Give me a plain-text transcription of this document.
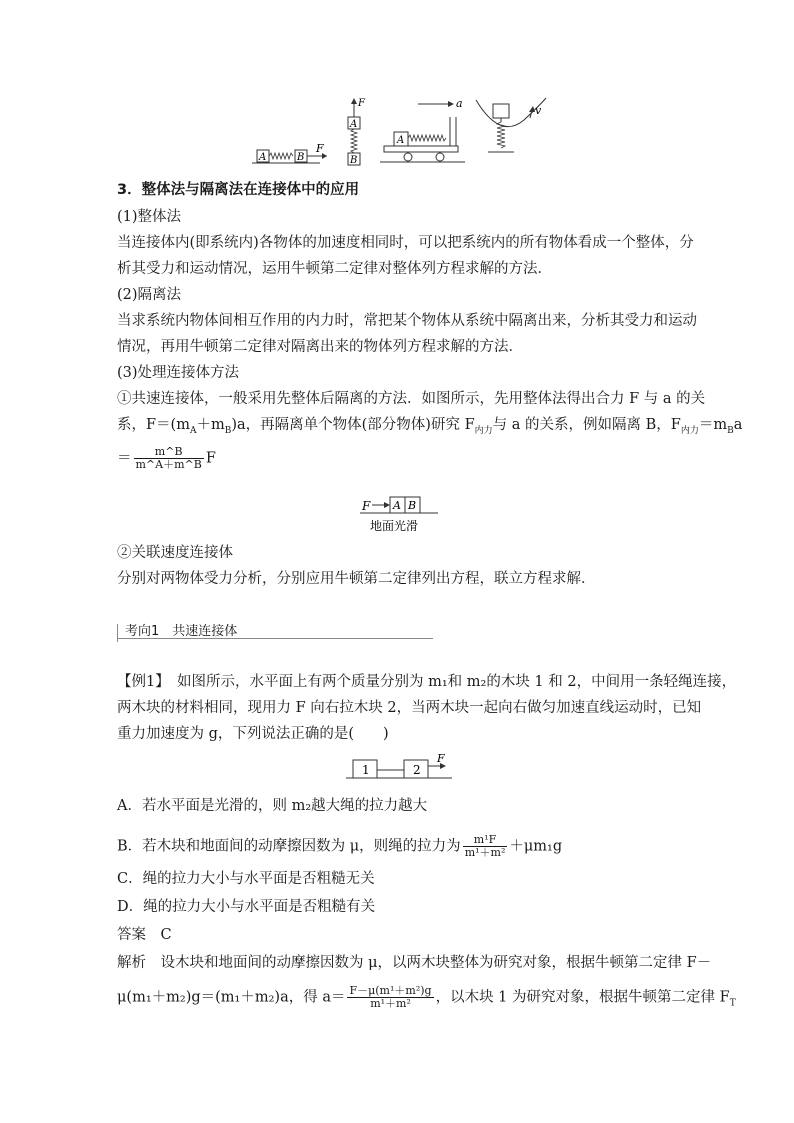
A	B
F
F
A
B
a
A
v
3．整体法与隔离法在连接体中的应用
(1)整体法
当连接体内(即系统内)各物体的加速度相同时，可以把系统内的所有物体看成一个整体，分
析其受力和运动情况，运用牛顿第二定律对整体列方程求解的方法．
(2)隔离法
当求系统内物体间相互作用的内力时，常把某个物体从系统中隔离出来，分析其受力和运动
情况，再用牛顿第二定律对隔离出来的物体列方程求解的方法．
(3)处理连接体方法
①共速连接体，一般采用先整体后隔离的方法．如图所示，先用整体法得出合力 F 与 a 的关
系，$F=(m_A+m_B)a$，再隔离单个物体(部分物体)研究 $F_{内力}$与 a 的关系，例如隔离 B，$F_{内力}=m_Ba$
＝ $\frac{m\^{}B}{m\^{}A+m\^{}B}$ F
F A B
地面光滑
②关联速度连接体
分别对两物体受力分析，分别应用牛顿第二定律列出方程，联立方程求解．
考向1　共速连接体
【例1】　如图所示，水平面上有两个质量分别为 m₁和 m₂的木块 1 和 2，中间用一条轻绳连接，
两木块的材料相同，现用力 F 向右拉木块 2，当两木块一起向右做匀加速直线运动时，已知
重力加速度为 g，下列说法正确的是(　　)
1	2
F
A．若水平面是光滑的，则 m₂越大绳的拉力越大
B．若木块和地面间的动摩擦因数为 μ，则绳的拉力为 $\frac{\text{m¹F}}{\text{m¹＋m²}} +\mu m_1g$
C．绳的拉力大小与水平面是否粗糙无关
D．绳的拉力大小与水平面是否粗糙有关
答案　C
解析　设木块和地面间的动摩擦因数为 μ，以两木块整体为研究对象，根据牛顿第二定律 F－
μ(m₁＋m₂)g＝(m₁＋m₂)a，得 $a= \frac{\text{F－μ(m¹＋m²)g}}{\text{m¹＋m²}}$ ，以木块 1 为研究对象，根据牛顿第二定律 $F_T$
